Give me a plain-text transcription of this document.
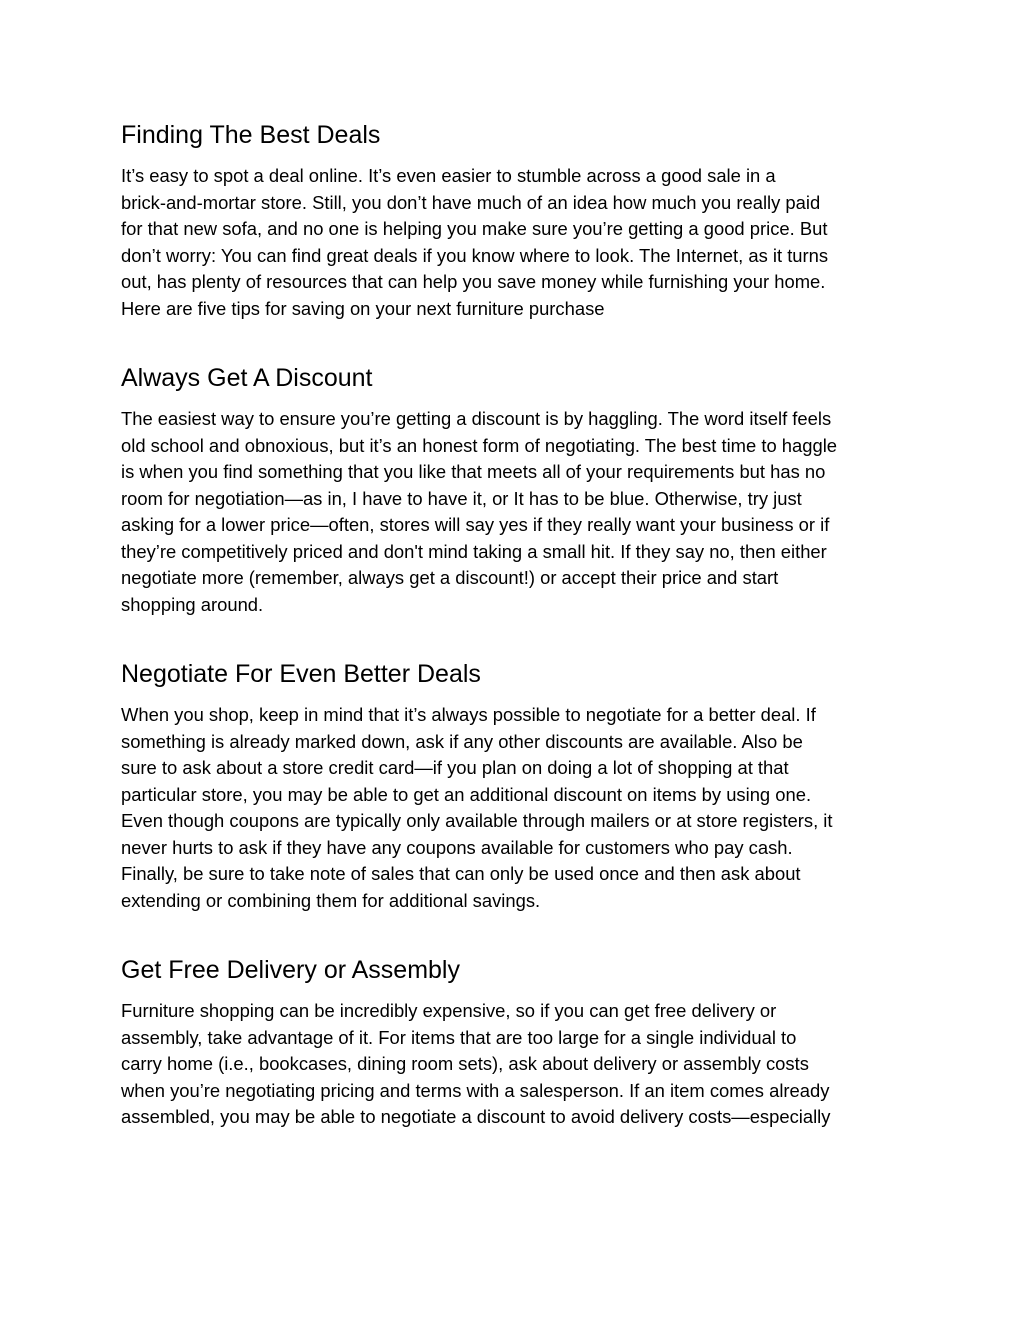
Finding The Best Deals

It’s easy to spot a deal online. It’s even easier to stumble across a good sale in a
brick-and-mortar store. Still, you don’t have much of an idea how much you really paid
for that new sofa, and no one is helping you make sure you’re getting a good price. But
don’t worry: You can find great deals if you know where to look. The Internet, as it turns
out, has plenty of resources that can help you save money while furnishing your home.
Here are five tips for saving on your next furniture purchase

Always Get A Discount

The easiest way to ensure you’re getting a discount is by haggling. The word itself feels
old school and obnoxious, but it’s an honest form of negotiating. The best time to haggle
is when you find something that you like that meets all of your requirements but has no
room for negotiation—as in, I have to have it, or It has to be blue. Otherwise, try just
asking for a lower price—often, stores will say yes if they really want your business or if
they’re competitively priced and don't mind taking a small hit. If they say no, then either
negotiate more (remember, always get a discount!) or accept their price and start
shopping around.

Negotiate For Even Better Deals

When you shop, keep in mind that it’s always possible to negotiate for a better deal. If
something is already marked down, ask if any other discounts are available. Also be
sure to ask about a store credit card—if you plan on doing a lot of shopping at that
particular store, you may be able to get an additional discount on items by using one.
Even though coupons are typically only available through mailers or at store registers, it
never hurts to ask if they have any coupons available for customers who pay cash.
Finally, be sure to take note of sales that can only be used once and then ask about
extending or combining them for additional savings.

Get Free Delivery or Assembly

Furniture shopping can be incredibly expensive, so if you can get free delivery or
assembly, take advantage of it. For items that are too large for a single individual to
carry home (i.e., bookcases, dining room sets), ask about delivery or assembly costs
when you’re negotiating pricing and terms with a salesperson. If an item comes already
assembled, you may be able to negotiate a discount to avoid delivery costs—especially
